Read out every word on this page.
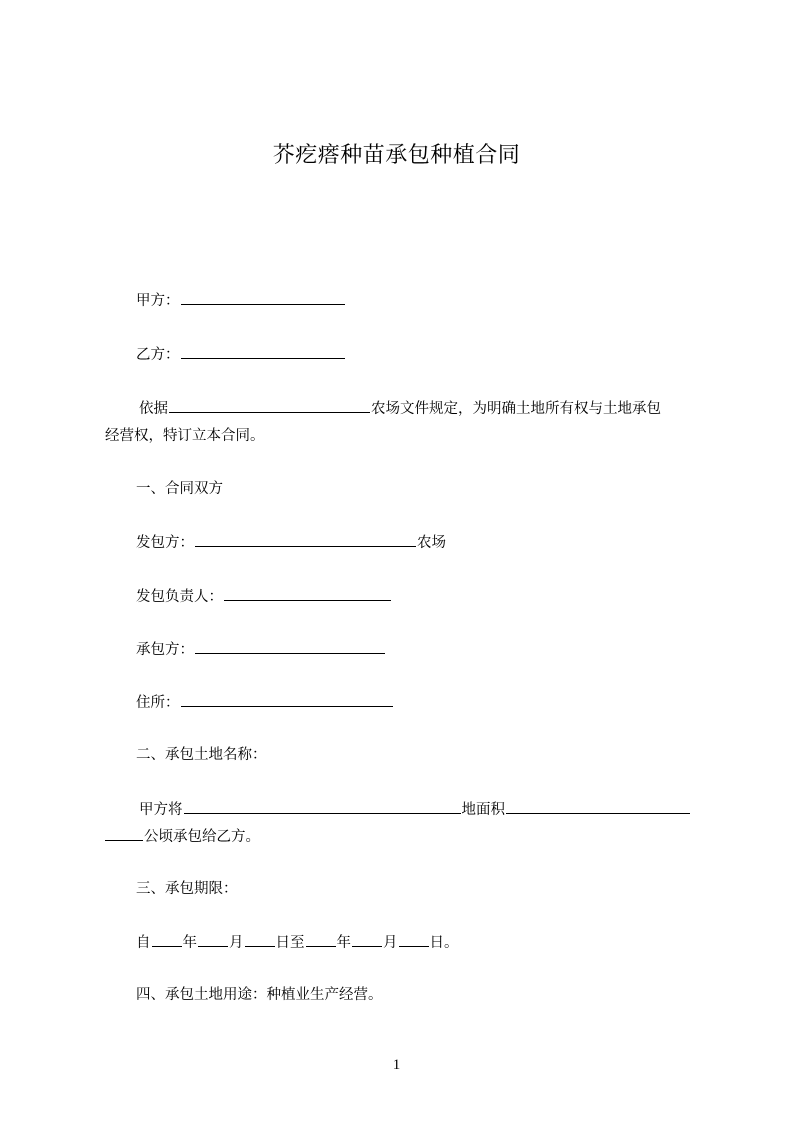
芥疙瘩种苗承包种植合同
甲方：
乙方：
依据	农场文件规定，为明确土地所有权与土地承包
经营权，特订立本合同。
一、合同双方
发包方：	农场
发包负责人：
承包方：
住所：
二、承包土地名称：
甲方将	地面积
公顷承包给乙方。
三、承包期限：
自 年 月 日至 年 月 日。
四、承包土地用途：种植业生产经营。
1
